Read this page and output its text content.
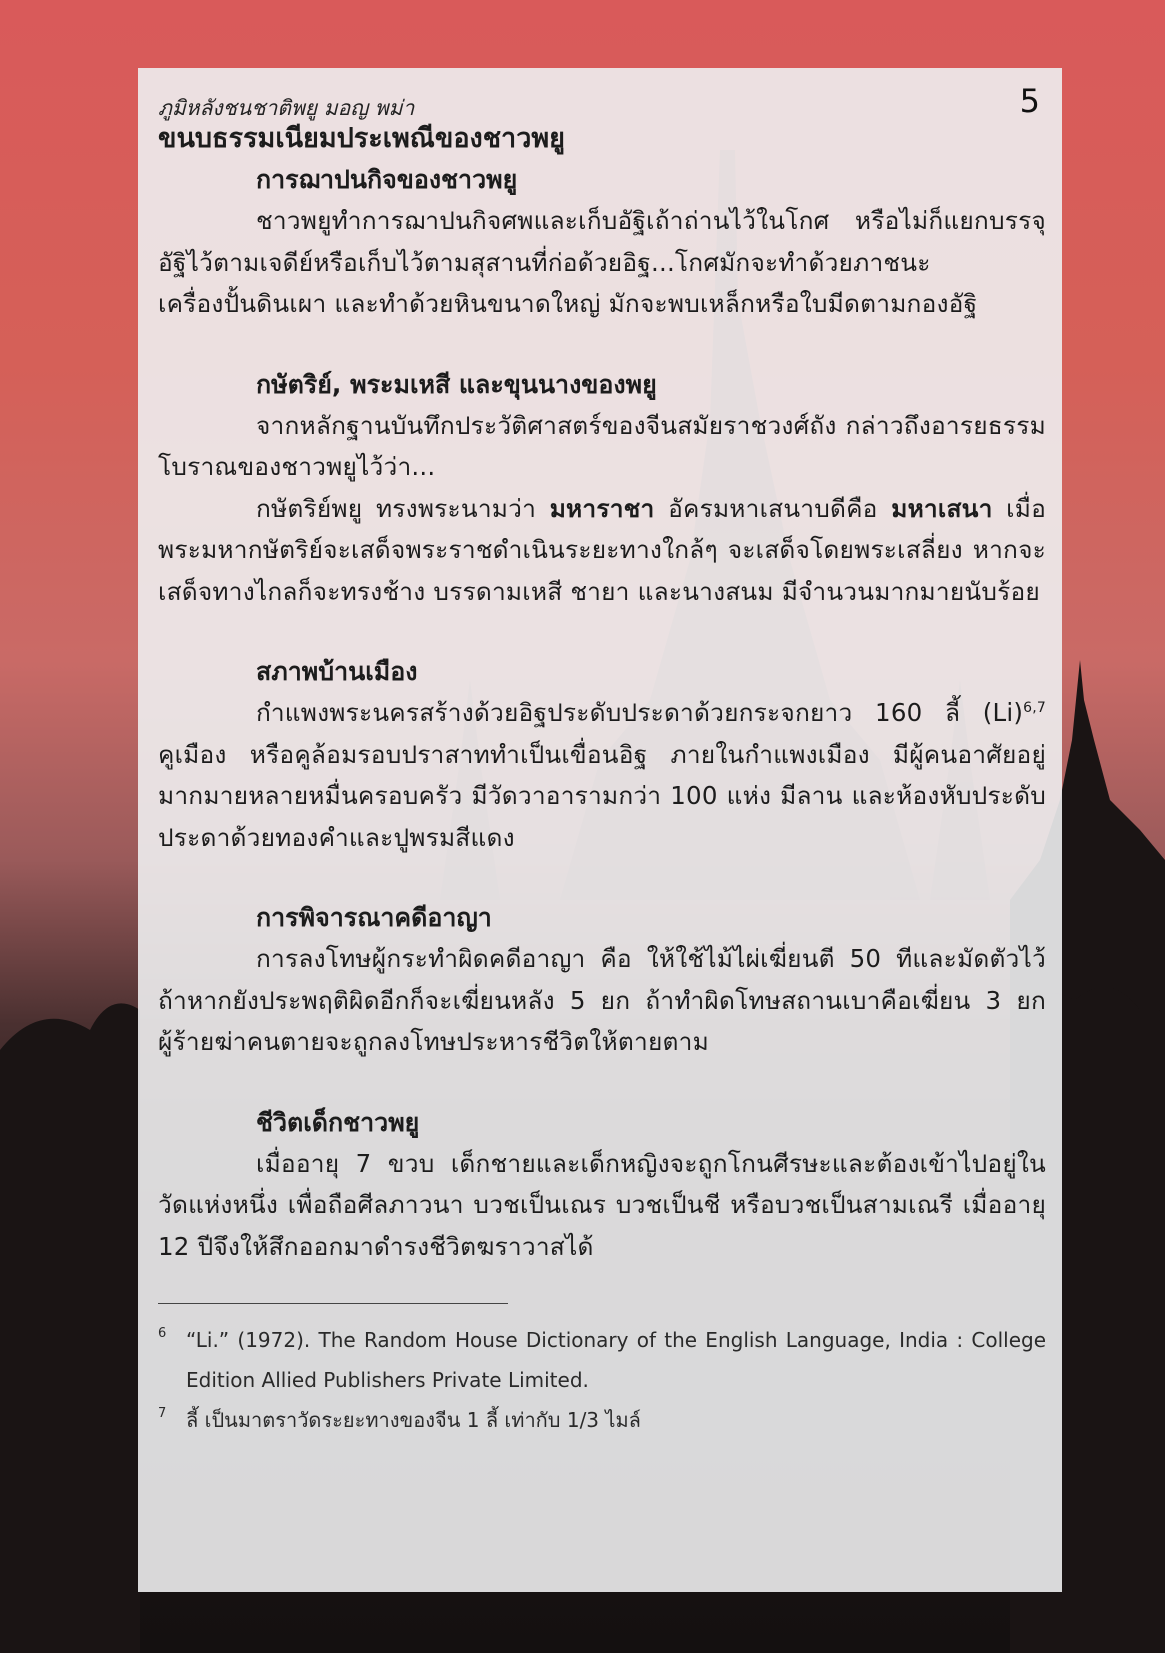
ภูมิหลังชนชาติพยู มอญ พม่า	5
ขนบธรรมเนียมประเพณีของชาวพยู
การฌาปนกิจของชาวพยู

ชาวพยูทำการฌาปนกิจศพและเก็บอัฐิเถ้าถ่านไว้ในโกศ หรือไม่ก็แยกบรรจุอัฐิไว้ตามเจดีย์หรือเก็บไว้ตามสุสานที่ก่อด้วยอิฐ...โกศมักจะทำด้วยภาชนะเครื่องปั้นดินเผา และทำด้วยหินขนาดใหญ่ มักจะพบเหล็กหรือใบมีดตามกองอัฐิ

กษัตริย์, พระมเหสี และขุนนางของพยู

จากหลักฐานบันทึกประวัติศาสตร์ของจีนสมัยราชวงศ์ถัง กล่าวถึงอารยธรรมโบราณของชาวพยูไว้ว่า...

กษัตริย์พยู ทรงพระนามว่า มหาราชา อัครมหาเสนาบดีคือ มหาเสนา เมื่อพระมหากษัตริย์จะเสด็จพระราชดำเนินระยะทางใกล้ๆ จะเสด็จโดยพระเสลี่ยง หากจะเสด็จทางไกลก็จะทรงช้าง บรรดามเหสี ชายา และนางสนม มีจำนวนมากมายนับร้อย

สภาพบ้านเมือง

กำแพงพระนครสร้างด้วยอิฐประดับประดาด้วยกระจกยาว 160 ลี้ $(Li)^{6,7}$ คูเมือง หรือคูล้อมรอบปราสาททำเป็นเขื่อนอิฐ ภายในกำแพงเมือง มีผู้คนอาศัยอยู่มากมายหลายหมื่นครอบครัว มีวัดวาอารามกว่า 100 แห่ง มีลาน และห้องหับประดับประดาด้วยทองคำและปูพรมสีแดง

การพิจารณาคดีอาญา

การลงโทษผู้กระทำผิดคดีอาญา คือ ให้ใช้ไม้ไผ่เฆี่ยนตี 50 ทีและมัดตัวไว้ ถ้าหากยังประพฤติผิดอีกก็จะเฆี่ยนหลัง 5 ยก ถ้าทำผิดโทษสถานเบาคือเฆี่ยน 3 ยก ผู้ร้ายฆ่าคนตายจะถูกลงโทษประหารชีวิตให้ตายตาม

ชีวิตเด็กชาวพยู

เมื่ออายุ 7 ขวบ เด็กชายและเด็กหญิงจะถูกโกนศีรษะและต้องเข้าไปอยู่ในวัดแห่งหนึ่ง เพื่อถือศีลภาวนา บวชเป็นเณร บวชเป็นชี หรือบวชเป็นสามเณรี เมื่ออายุ 12 ปีจึงให้สึกออกมาดำรงชีวิตฆราวาสได้

6 “Li.” (1972). The Random House Dictionary of the English Language, India : College Edition Allied Publishers Private Limited.
7 ลี้ เป็นมาตราวัดระยะทางของจีน 1 ลี้ เท่ากับ 1/3 ไมล์
